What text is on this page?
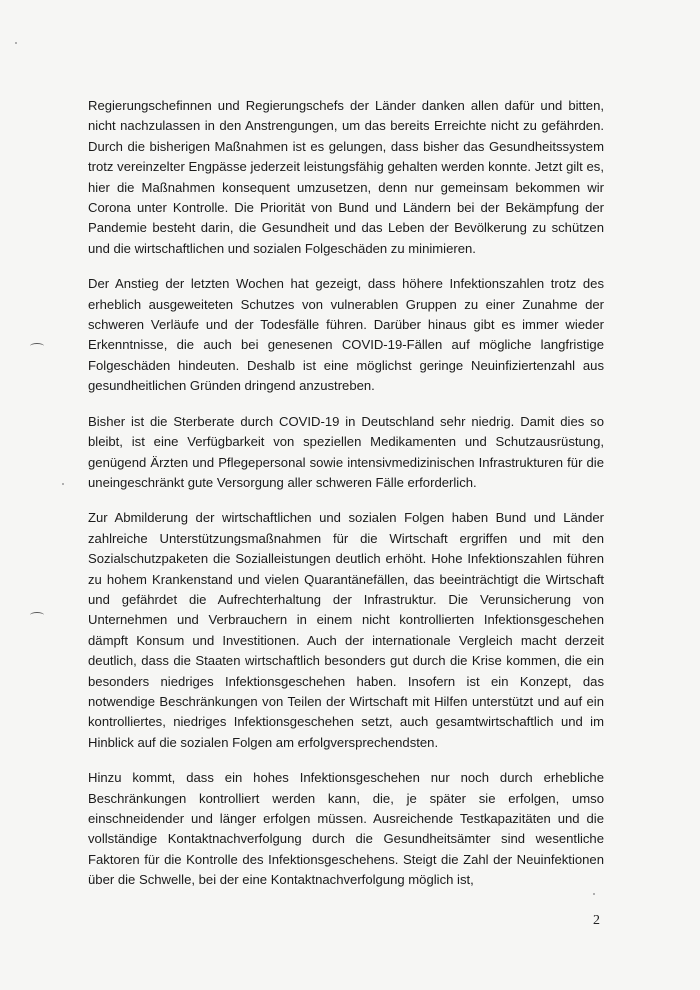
Regierungschefinnen und Regierungschefs der Länder danken allen dafür und bitten, nicht nachzulassen in den Anstrengungen, um das bereits Erreichte nicht zu gefährden. Durch die bisherigen Maßnahmen ist es gelungen, dass bisher das Gesundheitssystem trotz vereinzelter Engpässe jederzeit leistungsfähig gehalten werden konnte. Jetzt gilt es, hier die Maßnahmen konsequent umzusetzen, denn nur gemeinsam bekommen wir Corona unter Kontrolle. Die Priorität von Bund und Ländern bei der Bekämpfung der Pandemie besteht darin, die Gesundheit und das Leben der Bevölkerung zu schützen und die wirtschaftlichen und sozialen Folgeschäden zu minimieren.

Der Anstieg der letzten Wochen hat gezeigt, dass höhere Infektionszahlen trotz des erheblich ausgeweiteten Schutzes von vulnerablen Gruppen zu einer Zunahme der schweren Verläufe und der Todesfälle führen. Darüber hinaus gibt es immer wieder Erkenntnisse, die auch bei genesenen COVID-19-Fällen auf mögliche langfristige Folgeschäden hindeuten. Deshalb ist eine möglichst geringe Neuinfiziertenzahl aus gesundheitlichen Gründen dringend anzustreben.

Bisher ist die Sterberate durch COVID-19 in Deutschland sehr niedrig. Damit dies so bleibt, ist eine Verfügbarkeit von speziellen Medikamenten und Schutzausrüstung, genügend Ärzten und Pflegepersonal sowie intensivmedizinischen Infrastrukturen für die uneingeschränkt gute Versorgung aller schweren Fälle erforderlich.

Zur Abmilderung der wirtschaftlichen und sozialen Folgen haben Bund und Länder zahlreiche Unterstützungsmaßnahmen für die Wirtschaft ergriffen und mit den Sozialschutzpaketen die Sozialleistungen deutlich erhöht. Hohe Infektionszahlen führen zu hohem Krankenstand und vielen Quarantänefällen, das beeinträchtigt die Wirtschaft und gefährdet die Aufrechterhaltung der Infrastruktur. Die Verunsicherung von Unternehmen und Verbrauchern in einem nicht kontrollierten Infektionsgeschehen dämpft Konsum und Investitionen. Auch der internationale Vergleich macht derzeit deutlich, dass die Staaten wirtschaftlich besonders gut durch die Krise kommen, die ein besonders niedriges Infektionsgeschehen haben. Insofern ist ein Konzept, das notwendige Beschränkungen von Teilen der Wirtschaft mit Hilfen unterstützt und auf ein kontrolliertes, niedriges Infektionsgeschehen setzt, auch gesamtwirtschaftlich und im Hinblick auf die sozialen Folgen am erfolgversprechendsten.

Hinzu kommt, dass ein hohes Infektionsgeschehen nur noch durch erhebliche Beschränkungen kontrolliert werden kann, die, je später sie erfolgen, umso einschneidender und länger erfolgen müssen. Ausreichende Testkapazitäten und die vollständige Kontaktnachverfolgung durch die Gesundheitsämter sind wesentliche Faktoren für die Kontrolle des Infektionsgeschehens. Steigt die Zahl der Neuinfektionen über die Schwelle, bei der eine Kontaktnachverfolgung möglich ist,

2
